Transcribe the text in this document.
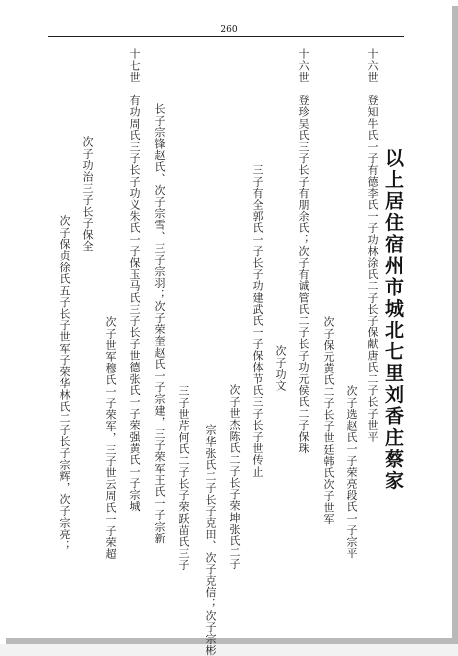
260
以上居住宿州市城北七里刘香庄蔡家
十六世　登知牛氏一子有德李氏一子功林涂氏二子长子保献唐氏二子长子世平
次子选赵氏一子荣亮段氏一子宗平
十六世　登珍吴氏三子长子有朋余氏；次子有诚管氏二子长子功元侯氏二子保珠 次子保元黄氏二子长子世廷韩氏次子世军
次子功文
三子有全郭氏一子长子功建武氏一子保体节氏三子长子世传止
次子世杰陈氏二子长子荣坤张氏二子
宗华张氏二子长子克田、次子克信；次子宗彬
三子世芹何氏二子长子荣跃苗氏三子
十七世　有功周氏三子长子功义朱氏一子保玉马氏三子长子世德张氏一子荣强黄氏一子宗城 长子宗锋赵氏、次子宗雪、三子宗羽；次子荣奎赵氏一子宗建，三子荣军王氏一子宗新
次子世军穆氏一子荣军，三子世云周氏一子荣超
次子功治三子长子保全
次子保贞徐氏五子长子世军子荣华林氏二子长子宗辉，次子宗亮；
